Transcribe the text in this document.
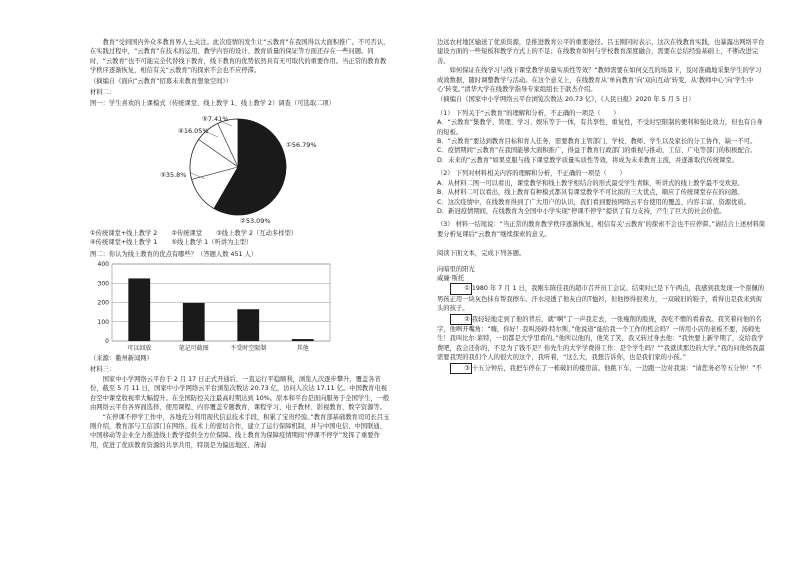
教育”受到国内外众多教育界人士关注。此次疫情的发生让“云教育”在我国得以大面积推广。不可否认，在实践过程中，“云教育”在技术的运用、教学内容的设计、教育质量的保证等方面还存在一些问题。同时，“云教育”也不可能完全代替线下教育，线下教育的优势依然具有无可取代的重要作用。当正常的教育教学秩序逐渐恢复，相信有关“云教育”的探索不会也不应停滞。

（摘编自《面向“云教育”招募未来教育想象空间》）

材料二：

图一：学生喜欢的上课模式（传统课堂、线上教学 1、线上教学 2）调查（可选取二项）

①56.79%
②53.09%
③35.8%
④16.05%
⑤7.41%
①传统课堂+线上教学 2 ②传统课堂 ③线上教学 2（互动多样型）
④传统课堂+线上教学 1 ⑤线上教学 1（听讲为主型）

图二：你认为线上教育的优点有哪些？（答题人数 451 人）

0
100
200
300
400
可以回放	笔记可截图	不受时空限制	其他

（来源：衢州新闻网）

材料三：

国家中小学网络云平台于 2 月 17 日正式开通后，一直运行平稳顺利，浏览人次逐步攀升，覆盖各省份，截至 5 月 11 日，国家中小学网络云平台浏览次数达 20.73 亿，访问人次达 17.11 亿。中国教育电视台空中课堂收视率大幅提升。在全国防控关注最高时期达到 10%。原本和平台是面向服务于全国学生，一般由网络云平台各界面选择，使用课程、内容覆盖专题教育、课程学习、电子教材、影视教育、数字资源等。

“在停课不停学工作中，各地充分利用现代信息技术手段，积累了宝贵经验。”教育部基础教育司司长吕玉刚介绍，教育部与工信部门在网络、技术上的密切合作，建立了运行保障机制，并与中国电信、中国联通、中国移动等企业全力推进线上教学提供全方位保障。线上教育为保障疫情期间“停课不停学”发挥了重要作用，促进了优质教育资源的共享共用，特别是为偏远地区、薄弱

边远农村地区输送了优质资源，是推进教育公平的重要途径。吕玉刚同时表示，这次在线教育实践，也暴露出网络平台建设方面的一些短板和教学方式上的不足；在线教育如何与学校教育深度融合，需要在总结经验基础上，不断改进完善。

如何保证在线学习与线下课堂教学质量实质性等效？“教师需要在如何交互的场景下，及时准确地采集学生的学习成效数据，随时调整教学与活动。在这个意义上，在线教育从‘单向教育’向‘双向互动’转变，从‘教师中心’向‘学生中心’转变。”清华大学在线教学指导专家组组长于歆杰介绍。

（摘编自《国家中小学网络云平台浏览次数达 20.73 亿》，《人民日报》2020 年 5 月 5 日）

（1） 下列关于“云教育”的理解和分析，不正确的一项是（　　）

A．“云教育”集教学、管理、学习、娱乐等于一体，有共享性、重复性，不受时空限制的便利和强化效力，但也有自身的短板。

B．“云教育”要达到教育目标和育人任务，需要教育主管部门、学校、教师、学生以及家长的分工协作，缺一不可。

C．疫情期间“云教育”在我国能够大面积推广，得益于教育行政部门的重视与推动，工信、广电等部门的积极配合。

D．未来的“云教育”如果克服与线下课堂教学质量实质性等效，将成为未来教育主流，并逐渐取代传统课堂。

（2） 下列对材料相关内容的理解和分析，不正确的一项是（　　）

A．从材料二图一可以看出，课堂教学和线上教学相结合的形式最受学生青睐，听讲式的线上教学最不受欢迎。

B．从材料二可以看出，线上教育有种模式都具有课堂教学不可比拟的三大优点，顺应了传统课堂存在的问题。

C．这次疫情中，在线教育得到了广大用户的认识，我们看到要按网络云平台使用的覆盖、内容丰富、资源优质。

D．新冠疫情期间，在线教育为全国中小学实现“停课不停学”提供了有力支持，产生了巨大的社会价值。

（3） 材料一结尾说：“当正常的教育教学秩序逐渐恢复，相信有关‘云教育’的探索不会也不应停滞。”请结合上述材料简要分析复课后“云教育”继续探索的意义。

阅读下面文本，完成下列各题。

向暗里的阳光

威廉·斯托

① 1980 年 7 月 1 日，我刚车陈佳我的超市召开员工会议。结束时已是下午两点，我感到我发现一个票佩的男孩正用一块灰色抹布帮我擦车。汗水浸透了他灰白的T恤衫，但他擦得很卖力，一双破旧的鞋子，看得出是我来到街头的孩子。

② 我轻轻地走到了他的背后，就“啊”了一声我走去，一张瘦削的脸庞，我吃不惯的看着我。我笑着问他的名字，他咧开嘴角：“嗨，你好！我叫汤姆·特尔斯，”他说道“能给我一个工作的机会吗？一所用小店的老板不要，汤姆先生！我叫比尔·莱特，一切都是大学里看的。”他所以他的，他笑了笑，我又转过身去他：“我快要上新学期了，交给我学费吧，我会还你的，不是为了钱不是？你先生的大学学费得工作：是个学生吗？”“我就读那边的大学。”我的问他妈我最需要我哭的我们个人的很大的这个，我听着，“这么大，我想告诉你，也是我们家的小孩。”

③ 十五分钟后，我把车停在了一栋破旧的楼房前。他跳下车，一边跑一边对我说：“请您务必等五分钟！”不
